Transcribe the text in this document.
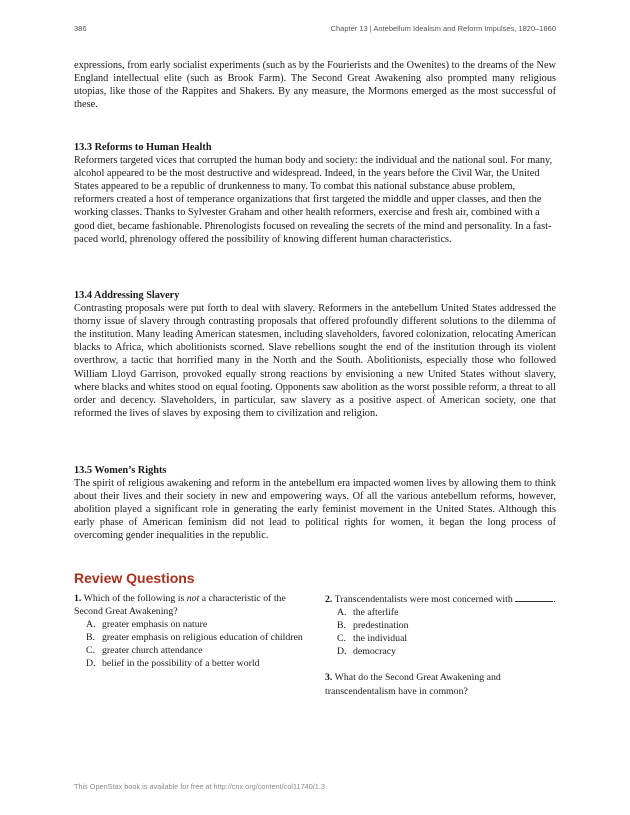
386	Chapter 13 | Antebellum Idealism and Reform Impulses, 1820–1860

expressions, from early socialist experiments (such as by the Fourierists and the Owenites) to the dreams of the New England intellectual elite (such as Brook Farm). The Second Great Awakening also prompted many religious utopias, like those of the Rappites and Shakers. By any measure, the Mormons emerged as the most successful of these.

13.3 Reforms to Human Health

Reformers targeted vices that corrupted the human body and society: the individual and the national soul. For many, alcohol appeared to be the most destructive and widespread. Indeed, in the years before the Civil War, the United States appeared to be a republic of drunkenness to many. To combat this national substance abuse problem, reformers created a host of temperance organizations that first targeted the middle and upper classes, and then the working classes. Thanks to Sylvester Graham and other health reformers, exercise and fresh air, combined with a good diet, became fashionable. Phrenologists focused on revealing the secrets of the mind and personality. In a fast-paced world, phrenology offered the possibility of knowing different human characteristics.

13.4 Addressing Slavery

Contrasting proposals were put forth to deal with slavery. Reformers in the antebellum United States addressed the thorny issue of slavery through contrasting proposals that offered profoundly different solutions to the dilemma of the institution. Many leading American statesmen, including slaveholders, favored colonization, relocating American blacks to Africa, which abolitionists scorned. Slave rebellions sought the end of the institution through its violent overthrow, a tactic that horrified many in the North and the South. Abolitionists, especially those who followed William Lloyd Garrison, provoked equally strong reactions by envisioning a new United States without slavery, where blacks and whites stood on equal footing. Opponents saw abolition as the worst possible reform, a threat to all order and decency. Slaveholders, in particular, saw slavery as a positive aspect of American society, one that reformed the lives of slaves by exposing them to civilization and religion.

13.5 Women’s Rights

The spirit of religious awakening and reform in the antebellum era impacted women lives by allowing them to think about their lives and their society in new and empowering ways. Of all the various antebellum reforms, however, abolition played a significant role in generating the early feminist movement in the United States. Although this early phase of American feminism did not lead to political rights for women, it began the long process of overcoming gender inequalities in the republic.

Review Questions
1. Which of the following is not a characteristic of the Second Great Awakening?
A. greater emphasis on nature
B. greater emphasis on religious education of children
C. greater church attendance
D. belief in the possibility of a better world
2. Transcendentalists were most concerned with	.
A. the afterlife
B. predestination
C. the individual
D. democracy
3. What do the Second Great Awakening and transcendentalism have in common?
This OpenStax book is available for free at http://cnx.org/content/col11740/1.3
